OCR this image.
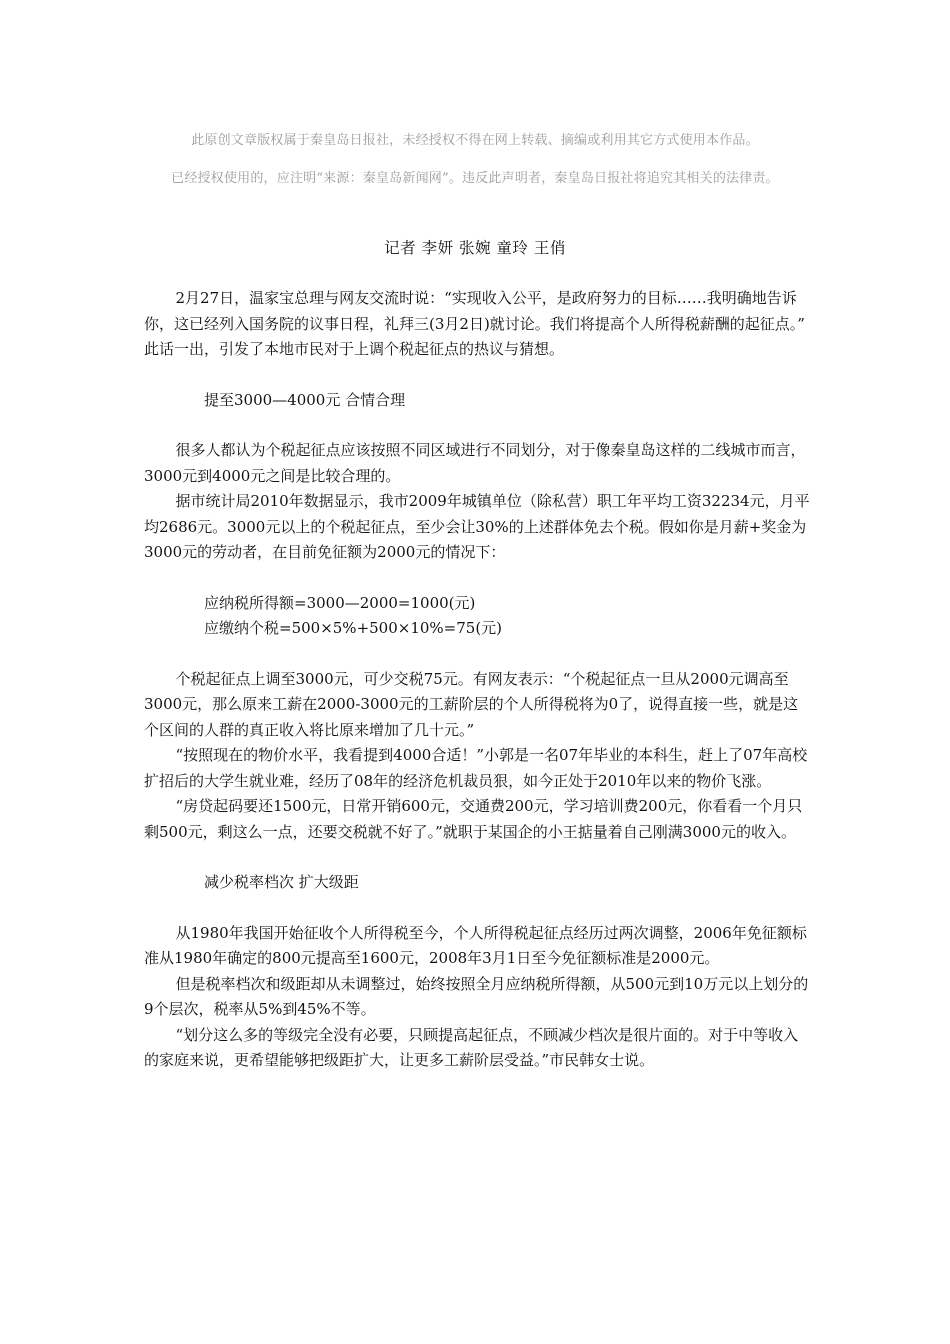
此原创文章版权属于秦皇岛日报社，未经授权不得在网上转载、摘编或利用其它方式使用本作品。
已经授权使用的，应注明“来源：秦皇岛新闻网”。违反此声明者，秦皇岛日报社将追究其相关的法律责。
记者 李妍 张婉 童玲 王俏

2月27日，温家宝总理与网友交流时说：“实现收入公平，是政府努力的目标……我明确地告诉你，这已经列入国务院的议事日程，礼拜三(3月2日)就讨论。我们将提高个人所得税薪酬的起征点。” 此话一出，引发了本地市民对于上调个税起征点的热议与猜想。

提至3000—4000元 合情合理

很多人都认为个税起征点应该按照不同区域进行不同划分，对于像秦皇岛这样的二线城市而言，3000元到4000元之间是比较合理的。

据市统计局2010年数据显示，我市2009年城镇单位（除私营）职工年平均工资32234元，月平均2686元。3000元以上的个税起征点，至少会让30%的上述群体免去个税。假如你是月薪+奖金为3000元的劳动者，在目前免征额为2000元的情况下：

应纳税所得额=3000—2000=1000(元)

应缴纳个税=500×5%+500×10%=75(元)

个税起征点上调至3000元，可少交税75元。有网友表示：“个税起征点一旦从2000元调高至3000元，那么原来工薪在2000-3000元的工薪阶层的个人所得税将为0了，说得直接一些，就是这个区间的人群的真正收入将比原来增加了几十元。”

“按照现在的物价水平，我看提到4000合适！”小郭是一名07年毕业的本科生，赶上了07年高校扩招后的大学生就业难，经历了08年的经济危机裁员狠，如今正处于2010年以来的物价飞涨。

“房贷起码要还1500元，日常开销600元，交通费200元，学习培训费200元，你看看一个月只剩500元，剩这么一点，还要交税就不好了。”就职于某国企的小王掂量着自己刚满3000元的收入。

减少税率档次 扩大级距

从1980年我国开始征收个人所得税至今，个人所得税起征点经历过两次调整，2006年免征额标准从1980年确定的800元提高至1600元，2008年3月1日至今免征额标准是2000元。

但是税率档次和级距却从未调整过，始终按照全月应纳税所得额，从500元到10万元以上划分的9个层次，税率从5%到45%不等。

“划分这么多的等级完全没有必要，只顾提高起征点，不顾减少档次是很片面的。对于中等收入的家庭来说，更希望能够把级距扩大，让更多工薪阶层受益。”市民韩女士说。
